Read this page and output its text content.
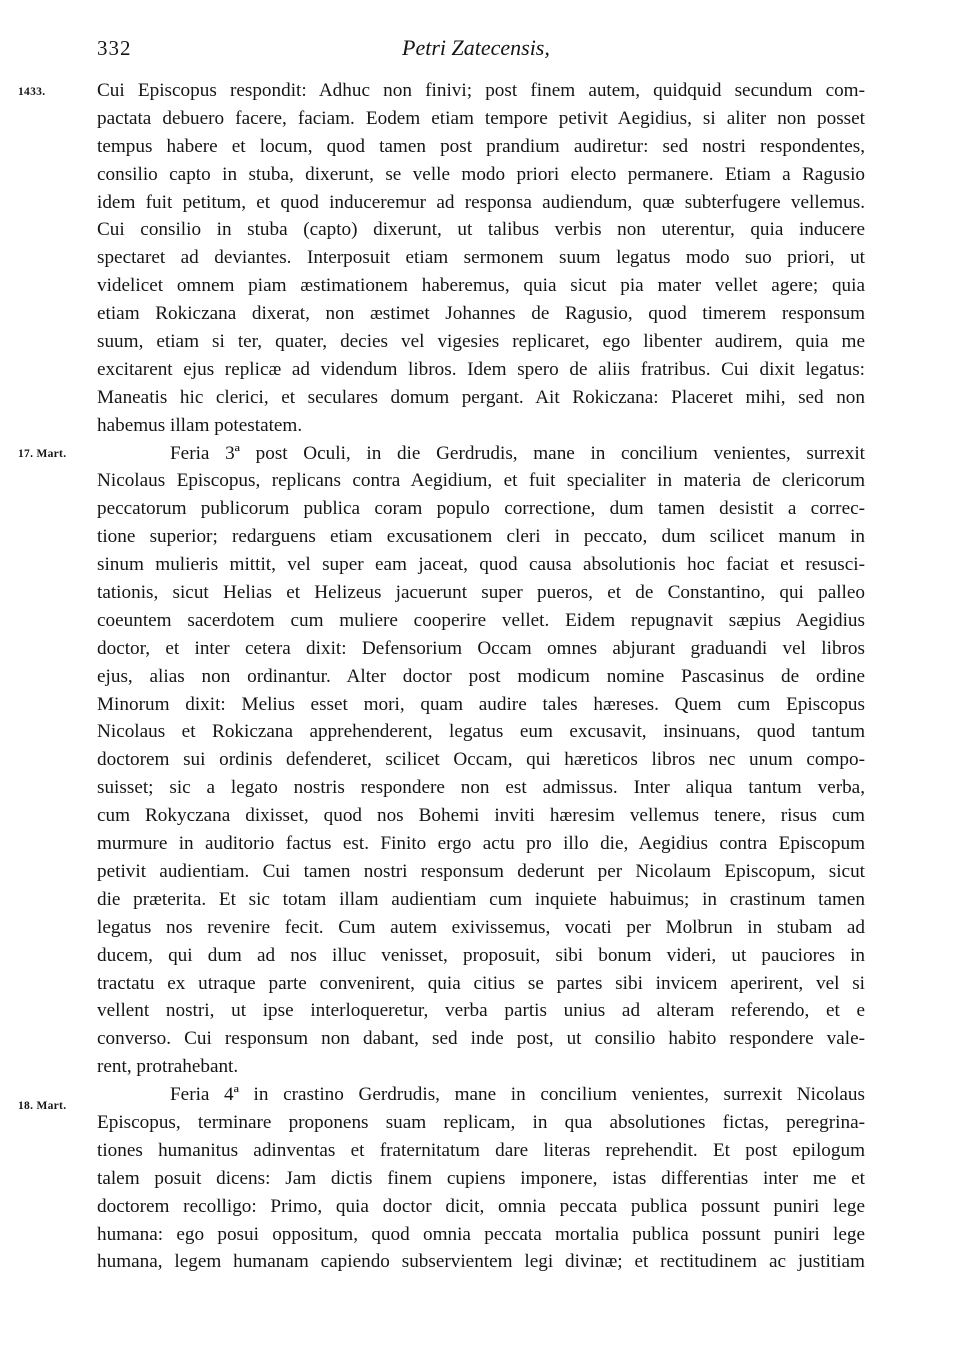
332	Petri Zatecensis,
1433.
17. Mart.
18. Mart.
Cui Episcopus respondit: Adhuc non finivi; post finem autem, quidquid secundum com-
pactata debuero facere, faciam. Eodem etiam tempore petivit Aegidius, si aliter non posset
tempus habere et locum, quod tamen post prandium audiretur: sed nostri respondentes,
consilio capto in stuba, dixerunt, se velle modo priori electo permanere. Etiam a Ragusio
idem fuit petitum, et quod induceremur ad responsa audiendum, quæ subterfugere vellemus.
Cui consilio in stuba (capto) dixerunt, ut talibus verbis non uterentur, quia inducere
spectaret ad deviantes. Interposuit etiam sermonem suum legatus modo suo priori, ut
videlicet omnem piam æstimationem haberemus, quia sicut pia mater vellet agere; quia
etiam Rokiczana dixerat, non æstimet Johannes de Ragusio, quod timerem responsum
suum, etiam si ter, quater, decies vel vigesies replicaret, ego libenter audirem, quia me
excitarent ejus replicæ ad videndum libros. Idem spero de aliis fratribus. Cui dixit legatus:
Maneatis hic clerici, et seculares domum pergant. Ait Rokiczana: Placeret mihi, sed non
habemus illam potestatem.
Feria 3ª post Oculi, in die Gerdrudis, mane in concilium venientes, surrexit
Nicolaus Episcopus, replicans contra Aegidium, et fuit specialiter in materia de clericorum
peccatorum publicorum publica coram populo correctione, dum tamen desistit a correc-
tione superior; redarguens etiam excusationem cleri in peccato, dum scilicet manum in
sinum mulieris mittit, vel super eam jaceat, quod causa absolutionis hoc faciat et resusci-
tationis, sicut Helias et Helizeus jacuerunt super pueros, et de Constantino, qui palleo
coeuntem sacerdotem cum muliere cooperire vellet. Eidem repugnavit sæpius Aegidius
doctor, et inter cetera dixit: Defensorium Occam omnes abjurant graduandi vel libros
ejus, alias non ordinantur. Alter doctor post modicum nomine Pascasinus de ordine
Minorum dixit: Melius esset mori, quam audire tales hæreses. Quem cum Episcopus
Nicolaus et Rokiczana apprehenderent, legatus eum excusavit, insinuans, quod tantum
doctorem sui ordinis defenderet, scilicet Occam, qui hæreticos libros nec unum compo-
suisset; sic a legato nostris respondere non est admissus. Inter aliqua tantum verba,
cum Rokyczana dixisset, quod nos Bohemi inviti hæresim vellemus tenere, risus cum
murmure in auditorio factus est. Finito ergo actu pro illo die, Aegidius contra Episcopum
petivit audientiam. Cui tamen nostri responsum dederunt per Nicolaum Episcopum, sicut
die præterita. Et sic totam illam audientiam cum inquiete habuimus; in crastinum tamen
legatus nos revenire fecit. Cum autem exivissemus, vocati per Molbrun in stubam ad
ducem, qui dum ad nos illuc venisset, proposuit, sibi bonum videri, ut pauciores in
tractatu ex utraque parte convenirent, quia citius se partes sibi invicem aperirent, vel si
vellent nostri, ut ipse interloqueretur, verba partis unius ad alteram referendo, et e
converso. Cui responsum non dabant, sed inde post, ut consilio habito respondere vale-
rent, protrahebant.
Feria 4ª in crastino Gerdrudis, mane in concilium venientes, surrexit Nicolaus
Episcopus, terminare proponens suam replicam, in qua absolutiones fictas, peregrina-
tiones humanitus adinventas et fraternitatum dare literas reprehendit. Et post epilogum
talem posuit dicens: Jam dictis finem cupiens imponere, istas differentias inter me et
doctorem recolligo: Primo, quia doctor dicit, omnia peccata publica possunt puniri lege
humana: ego posui oppositum, quod omnia peccata mortalia publica possunt puniri lege
humana, legem humanam capiendo subservientem legi divinæ; et rectitudinem ac justitiam
